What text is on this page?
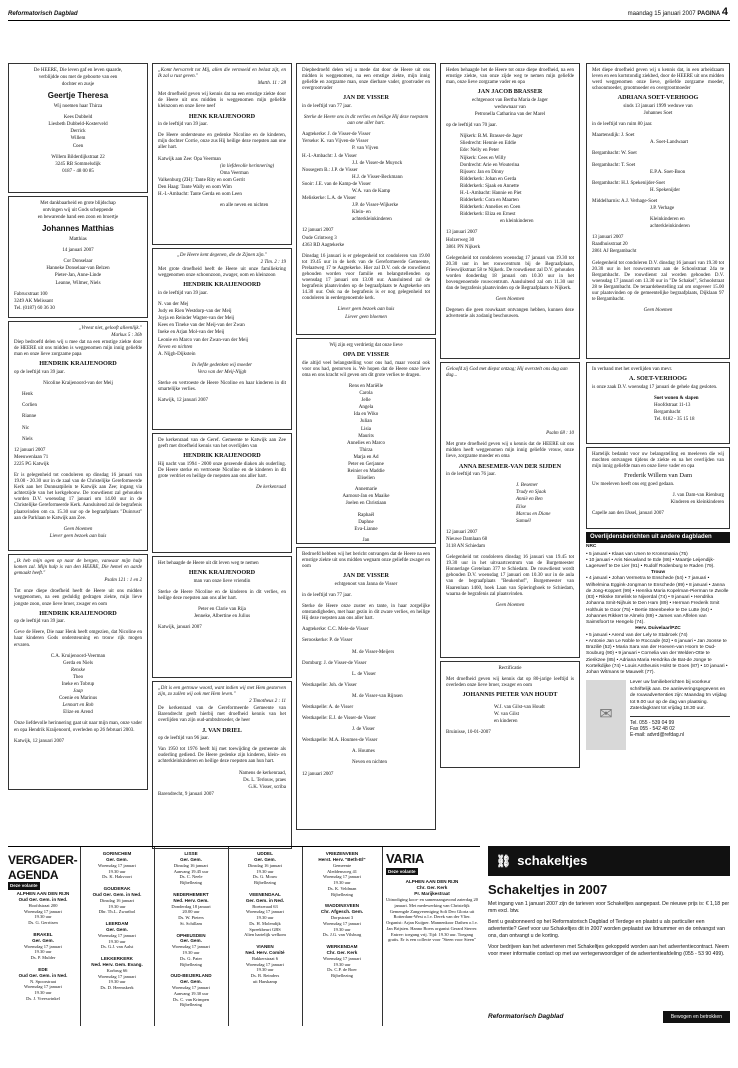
Reformatorisch Dagblad	maandag 15 januari 2007 PAGINA 4

De HEERE, Die leven gaf en leven spaarde,

verblijdde ons met de geboorte van een

dochter en zusje

Geertje Theresa

Wij noemen haar Thirza

Kees Dubbeld

Liesbeth Dubbeld-Kosterveld

Derrick

Willem

Coen

Willem Bilderdijkstraat 22

3245 RB Sommelsdijk

0187 - 48 00 85

Met dankbaarheid en grote blijdschap

ontvingen wij uit Gods scheppende

en bewarende hand een zoon en broertje

Johannes Matthias

Matthias

14 januari 2007

Cor Donselaar

Hanneke Donselaar-van Belzen

Pieter-Jan, Anne-Linde

Leanne, Wilmer, Niels

Fabrucstraat 100

3249 AK Melissant

Tel. (0187) 60 36 30

„Vreest niet, gelooft alleenlijk."

Markus 5 : 36b

Diep bedroefd delen wij u mee dat na een ernstige ziekte door de HEERE uit ons midden is weggenomen mijn innig geliefde man en onze lieve zorgzame papa

HENDRIK KRAIJENOORD

op de leeftijd van 39 jaar.

Nicoline Kraijenoord-van der Meij

Henk

Corlien

Rianne

Nic

Niels

12 januari 2007

Meeuwenlaan 71

2225 PG Katwijk

Er is gelegenheid tot condoleren op dinsdag 16 januari van 19.00 - 20.30 uur in de zaal van de Christelijke Gereformeerde Kerk aan het Dunnsatpilein te Katwijk aan Zee; ingang via achterzijde van het kerkgebouw. De rouwdienst zal gehouden worden D.V. woensdag 17 januari om 14.00 uur in de Christelijke Gereformeerde Kerk. Aansluitend zal de begrafenis plaatsvinden om ca. 15.30 uur op de begraafplaats "Duinrust" aan de Parklaan te Katwijk aan Zee.

Geen bloemen

Liever geen bezoek aan huis

„Ik heb mijn ogen op naar de bergen, vanwaar mijn hulp komen zal. Mijn hulp is van den HEERE, Die hemel en aarde gemaakt heeft."

Psalm 121 : 1 en 2

Tot onze diepe droefheid heeft de Heere uit ons midden weggenomen, na een geduldig gedragen ziekte, mijn lieve jongste zoon, onze lieve broer, zwager en oom

HENDRIK KRAIJENOORD

op de leeftijd van 39 jaar.

Geve de Heere, Die naar Henk heeft omgezien, dat Nicoline en haar kinderen Gods ondersteuning en trouw rijk mogen ervaren.

C.A. Kruijenoord-Veerman

Gerda en Niels

Renske

Theo

Ineke en Tobrup

Jaap

Coenie en Marinus

Lennart en Roh

Elize en Arend

Onze liefdevolle herinnering gaat uit naar mijn man, onze vader en opa Hendrik Kraijenoord, overleden op 26 februari 2003.

Katwijk, 12 januari 2007

„Komt hervarrelt tot Mij, allen die vermoeid en belast zijt, en Ik zal u rust geven."

Matth. 11 : 28

Met droefheid geven wij kennis dat na een ernstige ziekte door de Heere uit ons midden is weggenomen mijn geliefde kleinzoon en onze lieve neef

HENK KRAIJENOORD

in de leeftijd van 39 jaar.

De Heere ondersteune en gedenke Nicoline en de kinderen, mijn dochter Corrie, onze zus Hij heilige deze roepsten aan one aller hart.

Katwijk aan Zee: Opa Veerman

(in liefdevolle herinnering)

Oma Veerman

Valkenburg (ZH): Tante Rity en oom Gerrit

Den Haag: Tante Wally en oom Wim

H.-I.-Ambacht: Tante Gerda en oom Leen

en alle neven en nichten

„De Heere kent degenen, die de Zijnen zijn."

2 Tim. 2 : 19

Met grote droefheid heeft de Heere uit onze familiekring weggenomen onze schoonzoon, zwager, oom en kleinzoon

HENDRIK KRAIJENOORD

in de leeftijd van 39 jaar.

N. van der Mej

Judy en Rien Westdorp-van der Meij

Joyja en Reinder Wagter-van der Meij

Kees en Tineke van der Meij-van der Zwan

Ineke en Arjan Mol-van der Meij

Leonie en Marco van der Zwan-van der Meij

Neven en nichten

A. Nijgh-Dijkstein

In liefde gedenken wij moeder

Vera van der Meij-Nijgh

Sterke en vertroeste de Heere Nicoline en haar kinderen in dit smartelijke verlies.

Katwijk, 12 januari 2007

De kerkenraad van de Geref. Gemeente te Katwijk aan Zee geeft met droefheid kennis van het overlijden van

HENDRIK KRAIJENOORD

Hij nacht van 1994 - 2000 onze gezeende diaken als ouderling. De Heere sterke en vertroeste Nicoline en de kinderen in dit grote verdriet en heilige de roepsten aan ons aller hart.

De kerkenraad

Het behaagde de Heere uit dit leven weg te nemen

HENK KRAIJENOORD

man van onze lieve vriendin

Sterke de Heere Nicoline en de kinderen in dit verlies, en heilige deze roepsten aan ons aller hart.

Peter en Clarie van Rija

Jenneke, Albertine en Julius

Katwijk, januari 2007

„Dit is een getrouw woord, want indien wij met Hem gestorven zijn, zo zullen wij ook met Hem leven."

2 Timotheus 2 : 11

De kerkenraad van de Gereformeerde Gemeente van Barendrecht geeft hierbij met droefheid kennis van het overlijden van zijn oud-ambtsbroeder, de heer

J. VAN DRIEL

op de leeftijd van 96 jaar.

Van 1950 tot 1976 heeft hij met toewijding de gemeente als ouderling gediend. De Heere gedenke zijn kinderen, klein- en achterkleinkinderen en heilige deze roepsten aan hun hart.

Namens de kerkenraad,

Ds. L. Terlouw, praes

G.K. Visser, scriba

Barendrecht, 9 januari 2007

Diepbedroefd delen wij u mede dat door de Heere uit ons midden is weggenomen, na een ernstige ziekte, mijn innig geliefde en zorgzame man, onze dierbare vader, grootvader en overgrootvader

JAN DE VISSER

in de leeftijd van 77 jaar.

Sterke de Heere ons in dit verlies en heilige Hij deze roepstem aan one aller hart.

Aagtekerke: J. de Visser-de Visser

Yerseke: K. van Vijven-de Visser

P. van Vijven

H.-I.-Ambacht: J. de Visser

J.J. de Visser-de Muynck

Nossegem B.: J.P. de Visser

H.J. de Visser-Beckmann

Sooir: J.E. van de Kamp-de Visser

W.A. van de Kamp

Meliskerke: L.A. de Visser

J.P. de Visser-Wijkerke

Klein- en

achterkleinkinderen

12 januari 2007

Oude Grintweg 3

4363 RD Aagtekerke

Dinsdag 16 januari is er gelegenheid tot condoleren van 19.00 tot 19.45 uur in de kerk van de Gereformeerde Gemeente, Prelaatweg 17 te Aagtekerke. Hier zal D.V. ook de rouwdienst gehouden worden voor familie en belangstellenden op woensdag 17 januari om 13.00 uur. Aansluitend zal de begrafenis plaatsvinden op de begraafplaats te Aagtekerke om 14.30 uur. Ook na de begrafenis is er nog gelegenheid tot condoleren in eerdergenoemde kerk.

Liever geen bezoek aan huis

Liever geen bloemen

Wij zijn erg verdrietig dat onze lieve

OPA DE VISSER

die altijd veel belangstelling voor ons had, maar vooral ook voor ons had, gestorven is. We hopen dat de Heere onze lieve oma en ons kracht wil geven om dit grote verlies te dragen.

Rens en Mariëlle

Carola

Jelle

Angela

Ida en Wiko

Julian

Lisia

Maurits

Annelies en Marco

Thirza

Marja en Ad

Peter en Gerjanne

Reinier en Maddie

Eliselien

Annemarie

Aarnout-Jan en Maaike

Joelen en Christiaan

Raphaël

Daphne

Eva-Lianne

Jan

Bedroefd hebben wij het bericht ontvangen dat de Heere na een ernstige ziekte uit ons midden wegnam onze geliefde zwager en oom

JAN DE VISSER

echtgenoot van Janna de Visser

in de leeftijd van 77 jaar.

Sterke de Heere onze zuster en tante, in haar zorgelijke omstandigheden, met haar gezin in dit zware verlies, en heilige Hij deze roepsten aan ons aller hart.

Aagtekerke: C.C. Mele-de Visser

Serooskerke: P. de Visser

M. de Visser-Meijers

Domburg: J. de Visser-de Visser

L. de Visser

Westkapelle: Joh. de Visser

M. de Visser-van Rijnsen

Westkapelle: A. de Visser

Westkapelle: E.J. de Visser-de Visser

J. de Visser

Westkapelle: M.A. Houmes-de Visser

A. Houmes

Neven en nichten

12 januari 2007

Heden behaagde het de Heere tot onze diepe droefheid, na een ernstige ziekte, van onze zijde weg te nemen mijn geliefde man, onze lieve zorgzame vader en opa

JAN JACOB BRASSER

echtgenoot van Bertha Maria de Jager

weduwnaar van

Petronella Catharina van der Marel

op de leeftijd van 70 jaar.

Nijkerk: B.M. Brasser-de Jager

Sliedrecht: Hennie en Eddie

Ede: Nelly en Peter

Nijkerk: Cees en Willy

Dordrecht: Arie en Wouterina

Rijssen: Jan en Dinny

Ridderkerk: Johan en Gerda

Ridderkerk: Sjaak en Annette

H.-I.-Ambacht: Hannie en Piet

Ridderkerk: Cora en Maarten

Ridderkerk: Annelies en Coen

Ridderkerk: Eliza en Ernest

en kleinkinderen

13 januari 2007

Holzerweg 30

3861 PN Nijkerk

Gelegenheid tot condoleren woensdag 17 januari van 19.30 tot 20.30 uur in het rouwcentrum bij de Begraafplaats, Frieswijkstraat 58 te Nijkerk. De rouwdienst zal D.V. gehouden worden donderdag 18 januari om 10.30 uur in het bovengenoemde rouwcentrum. Aansluitend zal om 11.30 uur dan de begrafenis plaatsvinden op de Begraafplaats te Nijkerk.

Geen bloemen

Degenen die geen rouwkaart ontvangen hebben, kunnen deze advertentie als zodanig beschouwen.

Geloofd zij God met diepst ontzag; Hij overstelt ons dag aan dag...

Psalm 68 : 10

Met grote droefheid geven wij u kennis dat de HEERE uit ons midden heeft weggenomen mijn innig geliefde vrouw, onze lieve, zorgzame moeder en oma

ANNA BESEMER-VAN DER SIJDEN

in de leeftijd van 76 jaar.

J. Besemer

Trudy en Sjaak

Anniè en Ben

Elise

Marcus en Diane

Samuël

12 januari 2007

Nieuwe Damlaan 68

3118 AN Schiedam

Gelegenheid tot condoleren dinsdag 16 januari van 19.45 tot 19.30 uur in het uitvaartcentrum van de Burgemeester Honnerlage Gretelaan 377 te Schiedam. De rouwdienst wordt gehouden D.V. woensdag 17 januari om 10.30 uur in de aula van de begraafplaats "Beukenhof", Burgemeester van Haarenlaan 1460, hoek Laan van Spieringhoek te Schiedam, waarna de begrafenis zal plaatsvinden.

Geen bloemen

Rectificatie

Met droefheid geven wij kennis dat op 80-jarige leeftijd is overleden onze lieve broer, zwager en oom

JOHANNIS PIETER VAN HOUDT

W.J. van Gilst-van Houdt

W. van Gilst

en kinderen

Bruinisse, 10-01-2007

Met diepe droefheid geven wij u kennis dat, in een arbeidzaam leven en een kortstondig ziekbed, door de HEERE uit ons midden werd weggenomen onze lieve, geliefde zorgzame moeder, schoonmoeder, grootmoeder en overgrootmoeder

ADRIANA SOET-VERHOOG

sinds 13 januari 1999 weduwe van

Johannes Soet

in de leeftijd van ruim 80 jaar.

Maartensdijk: J. Soet

A. Soet-Landwaart

Bergambacht: W. Soet

Bergambacht: T. Soet

E.P.A. Soet-Boon

Bergambacht: H.J. Spekenijder-Soet

H. Spekenijder

Middelharnis: A.J. Verhage-Soet

J.P. Verhage

Kleinkinderen en

achterkleinkinderen

13 januari 2007

Raadhuisstraat 20

2861 AJ Bergambacht

Gelegenheid tot condoleren D.V. dinsdag 16 januari van 19.30 tot 20.30 uur in het rouwcentrum aan de Schoolstraat 24a te Bergambacht. De rouwdienst zal worden gehouden D.V. woensdag 17 januari om 13.30 uur in "De Schakel", Schoolstraat 28 te Bergambacht. De teraardebestelling zal om ongeveer 15.00 uur plaatsvinden op de gemeentelijke begraafplaats, Dijklaan 97 te Bergambacht.

Geen bloemen

In verband met het overlijden van mevr.

A. SOET-VERHOOG

is onze zaak D.V. woensdag 17 januari de gehele dag gesloten.

Soet wonen & slapen

Hoofdstraat 11-13

Bergambacht

Tel. 0182 - 35 15 18

Hartelijk bedankt voor uw belangstelling en meeleven die wij mochten ontvangen tijdens de ziekte en na het overlijden van mijn innig geliefde man en onze lieve vader en opa

Frederik Willem van Dam

Uw meeleven heeft ons erg goed gedaan.

J. van Dam-van Rienburg

Kinderen en kleinkinderen

Capelle aan den IJssel, januari 2007

Overlijdensberichten uit andere dagbladen
NRC

• 5 januari • Klaas van Unen te Kronsmania (75)

• 10 januari • Aris Nieuwland te Ede (86) • Maartje Leijendijk-Lagerwerf te De Lier (91) • Rudolf Rodenburg te Raden (79).

Trouw

• 4 januari • Johan Vermetra te Enschede (54) • 7 januari • Wilhelmina Eggink-Jongman te Enschede (89) • 8 januari • Janna de Jong-Koppert (99) • Henrika Maria Kopelman-Pierman te Zwolle (83) • Rikske Smelink te Nijverdal (74) • 9 januari • Hendrika Johanna Smit-Nijhuis te Den Ham (89) • Herman Frederik Smit Holthuis te Goor (75) • Bertie Steenbeeke te De Lutte (64) • Johannes Rikkert te Almelo (89) • James van Affelen van Saimsfoort te Hengelo (74).

Herv. Duivelaar/PZC

• 5 januari • Arend van der Lely te Stabroek (74)

• Antonie Jan Le Noble te Roccade (62) • 6 januari • Jan Joosse te Brazilië (52) • Maria Sara van der Hoeven-van Hoorn te Oud-Souburg (90) • 9 januari • Cornelia van der Welden-Otte te Zierikzee (85) • Adriana Maria Hendrika de Bat-de Jonge te Kortelkdijke (74) • Louis Antheunis Holst te Goes (87) • 10 januari • Johan Witmans te Mauwelt (77).

✉

Lever uw familieberichten bij voorkeur schriftelijk aan. De aanleveringsgegevens en de rouwadvertenties zijn: Maandag tm vrijdag tot 9.00 uur op de dag van plaatsing. Zaterdagkrant tot vrijdag 18.30 uur.

Tel. 055 - 539 04 99

Fax 055 - 542 48 02

E-mail: advrd@refdag.nl

VERGADER-
AGENDA
Deze volante
ALPHEN AAN DEN RIJN
Oud Ger. Gem. in Ned.
Hoofdstraat 200
Woensdag 17 januari
19.30 uur
Ds. G. Gerritsen
BRAKEL
Ger. Gem.
Woensdag 17 januari
19.30 uur
Ds. P. Mulder
EDE
Oud Ger. Gem. in Ned.
N. Spoorstraat
Woensdag 17 januari
19.30 uur
Ds. J. Vreeswinkel
GORINCHEM
Ger. Gem.
Woensdag 17 januari
19.30 uur
Ds. K. Hakvoort
GOUDERAK
Oud Ger. Gem. in Ned.
Dinsdag 16 januari
19.30 uur
Dhr. Th.L. Zwartbol
LEERDAM
Ger. Gem.
Woensdag 17 januari
19.30 uur
Ds. G.J. van Aalst
LEKKERKERK
Ned. Herv. Gem. Evang.
Korbrug 66
Woensdag 17 januari
19.30 uur
Ds. D. Heemskerk
LISSE
Ger. Gem.
Dinsdag 16 januari
Aanvang 19.45 uur
Ds. C. Neele
Bijbellezing
NEDERHEMERT
Ned. Herv. Gem.
Donderdag 18 januari
20.00 uur
Ds. W. Pieters
St. Schillam
OPHEUSDEN
Ger. Gem.
Woensdag 17 januari
19.30 uur
Ds. G. Pater
Bijbellezing
OUD-BEIJERLAND
Ger. Gem.
Woensdag 17 januari
Aanvang 19.30 uur
Ds. C. van Krimpen
Bijbellezing
UDDEL
Ger. Gem.
Dinsdag 16 januari
19.30 uur
Ds. G. Mouw
Bijbellezing
VEENENDAAL
Ger. Gem. in Ned.
Boetseraad 63
Woensdag 17 januari
19.30 uur
Ds. H. Molendijk
Spreekbeurt GBS
Alien hartelijk welkom
VIANEN
Ned. Herv. Comité
Bakkerstraat 6
Woensdag 17 januari
19.30 uur
Ds. B. Reinders
uit Harskamp
VRIEZENVEEN
Herst. Herv. "Beth-El"
Gemeente
Aleddensweg 41
Woensdag 17 januari
19.30 uur
Ds. K. Veldman
Bijbellezing
WADDINXVEEN
Chr. Afgesch. Gem.
Dorpstraat 3
Woensdag 17 januari
19.30 uur
Ds. J.G. van Vilsburg
WERKENDAM
Chr. Ger. Kerk
Woensdag 17 januari
19.30 uur
Ds. C.P. de Boer
Bijbellezing
VARIA
Deze volante
ALPHEN AAN DEN RIJN
Chr. Ger. Kerk
Pr. Marijkestraat

Uitnodiging koor- en samenzangavond zaterdag 20 januari. Met medewerking van Christelijk Gemengde Zangvereniging Soli Deo Gloria uit Rotterdam-West o.l.v. Derek van der Vlier. Organist: Arjan Kuijper. Mannenkoor Dathen o.l.v. Jan Brijsten. Hanno Boers organist Gerard Sterrer. Entree: toegang vrij. Tijd: 19.30 uur. Toegang gratis. Er is een collecte voor "Steen voor Steen"

⛓ schakeltjes
Schakeltjes in 2007

Met ingang van 1 januari 2007 zijn de tarieven voor Schakeltjes aangepast. De nieuwe prijs is: € 1,18 per mm excl. btw.

Bent u geabonneerd op het Reformatorisch Dagblad of Terdege en plaatst u als particulier een advertentie? Geef voor uw Schakeltjes dit in 2007 worden geplaatst uw lidnummer en de ontvangst van ons, dan ontvangt u de korting.

Voor bedrijven kan het adverteren met Schakeltjes gekoppeld worden aan het advertentiecontract. Neem voor meer informatie contact op met uw vertegenwoordiger of de advertentieafdeling (055 - 53 90 499).

Reformatorisch Dagblad	Bewogen en betrokken
